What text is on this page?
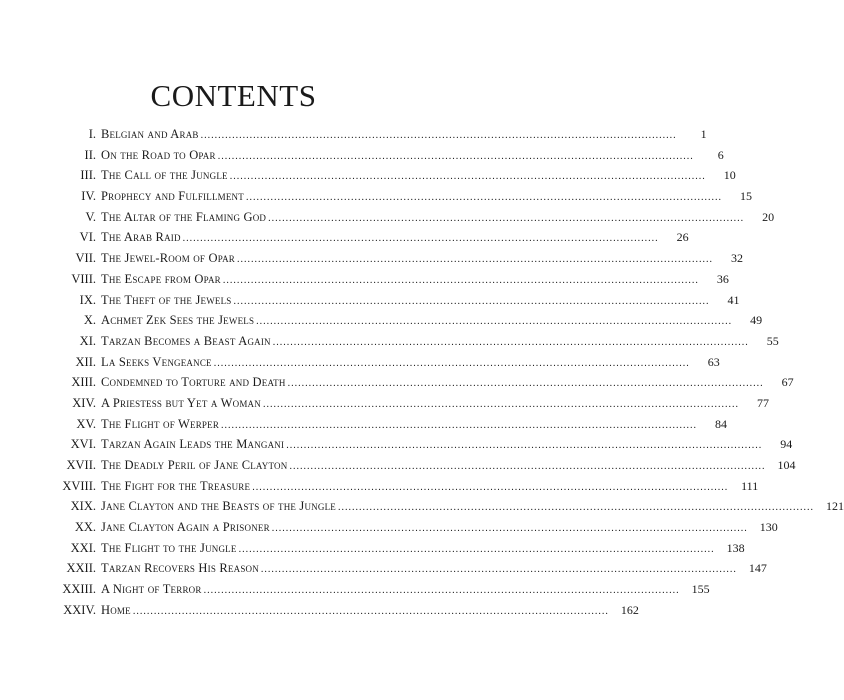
CONTENTS
I. Belgian and Arab ........................................................................................................................................	1
II. On the Road to Opar ........................................................................................................................................	6
III. The Call of the Jungle ........................................................................................................................................	10
IV. Prophecy and Fulfillment ........................................................................................................................................	15
V. The Altar of the Flaming God ........................................................................................................................................	20
VI. The Arab Raid ........................................................................................................................................	26
VII. The Jewel-Room of Opar ........................................................................................................................................	32
VIII. The Escape from Opar ........................................................................................................................................	36
IX. The Theft of the Jewels ........................................................................................................................................	41
X. Achmet Zek Sees the Jewels ........................................................................................................................................	49
XI. Tarzan Becomes a Beast Again ........................................................................................................................................	55
XII. La Seeks Vengeance ........................................................................................................................................	63
XIII. Condemned to Torture and Death ........................................................................................................................................	67
XIV. A Priestess but Yet a Woman ........................................................................................................................................	77
XV. The Flight of Werper ........................................................................................................................................	84
XVI. Tarzan Again Leads the Mangani ........................................................................................................................................	94
XVII. The Deadly Peril of Jane Clayton ........................................................................................................................................	104
XVIII. The Fight for the Treasure ........................................................................................................................................	111
XIX. Jane Clayton and the Beasts of the Jungle ........................................................................................................................................	121
XX. Jane Clayton Again a Prisoner ........................................................................................................................................	130
XXI. The Flight to the Jungle ........................................................................................................................................	138
XXII. Tarzan Recovers His Reason ........................................................................................................................................	147
XXIII. A Night of Terror ........................................................................................................................................	155
XXIV. Home ........................................................................................................................................	162
